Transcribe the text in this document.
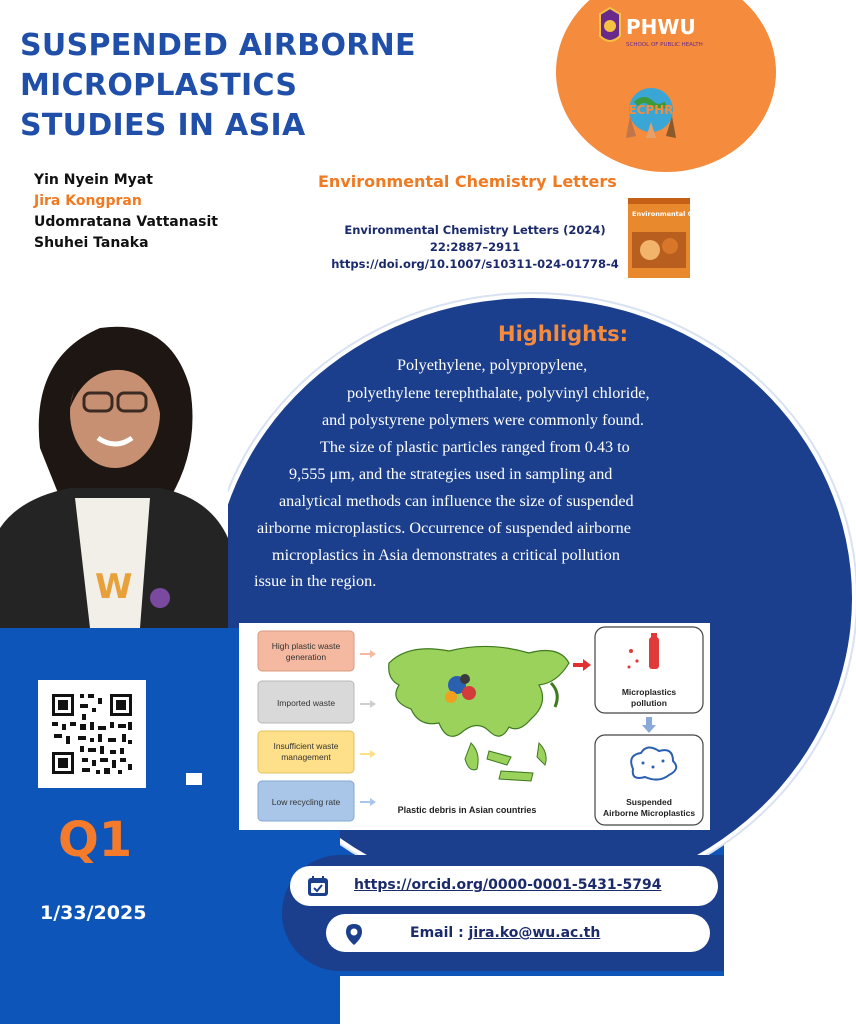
SUSPENDED AIRBORNE
MICROPLASTICS
STUDIES IN ASIA
PHWU
SCHOOL OF PUBLIC HEALTH
ECPHR
Yin Nyein Myat
Jira Kongpran
Udomratana Vattanasit
Shuhei Tanaka
Environmental Chemistry Letters
Environmental Chemistry Letters (2024)
22:2887–2911
https://doi.org/10.1007/s10311-024-01778-4
Environmental Chemistry Letters
W
Highlights:
Polyethylene, polypropylene,
polyethylene terephthalate, polyvinyl chloride,
and polystyrene polymers were commonly found.
The size of plastic particles ranged from 0.43 to
9,555 μm, and the strategies used in sampling and
analytical methods can influence the size of suspended
airborne microplastics. Occurrence of suspended airborne
microplastics in Asia demonstrates a critical pollution
issue in the region.
High plastic waste generation
Imported waste
Insufficient waste management
Low recycling rate
Plastic debris in Asian countries
Microplastics pollution
Suspended Airborne Microplastics
Q1
1/33/2025
https://orcid.org/0000-0001-5431-5794
Email : jira.ko@wu.ac.th
